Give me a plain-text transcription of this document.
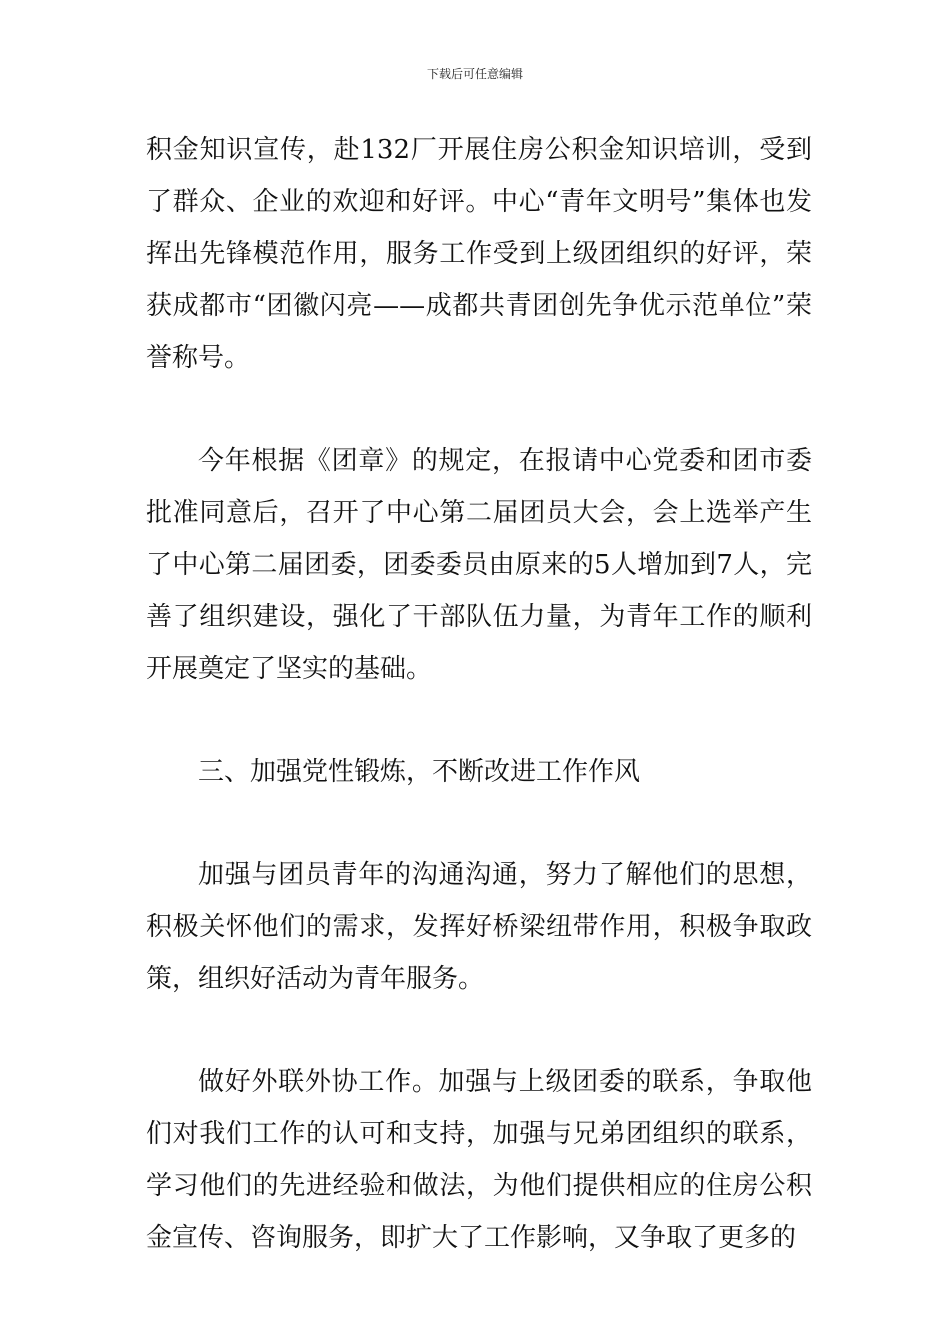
下载后可任意编辑

积金知识宣传，赴132厂开展住房公积金知识培训，受到了群众、企业的欢迎和好评。中心“青年文明号”集体也发挥出先锋模范作用，服务工作受到上级团组织的好评，荣获成都市“团徽闪亮——成都共青团创先争优示范单位”荣誉称号。

今年根据《团章》的规定，在报请中心党委和团市委批准同意后，召开了中心第二届团员大会，会上选举产生了中心第二届团委，团委委员由原来的5人增加到7人，完善了组织建设，强化了干部队伍力量，为青年工作的顺利开展奠定了坚实的基础。

三、加强党性锻炼，不断改进工作作风

加强与团员青年的沟通沟通，努力了解他们的思想，积极关怀他们的需求，发挥好桥梁纽带作用，积极争取政策，组织好活动为青年服务。

做好外联外协工作。加强与上级团委的联系，争取他们对我们工作的认可和支持，加强与兄弟团组织的联系，学习他们的先进经验和做法，为他们提供相应的住房公积金宣传、咨询服务，即扩大了工作影响，又争取了更多的
